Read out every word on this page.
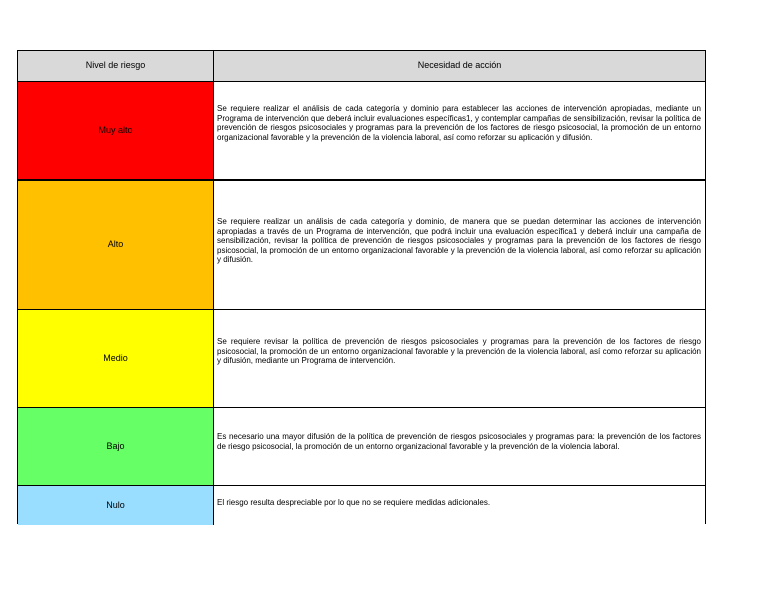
Nivel de riesgo	Necesidad de acción
Muy alto
Se requiere realizar el análisis de cada categoría y dominio para establecer las acciones de intervención apropiadas, mediante un Programa de intervención que deberá incluir evaluaciones específicas1, y contemplar campañas de sensibilización, revisar la política de prevención de riesgos psicosociales y programas para la prevención de los factores de riesgo psicosocial, la promoción de un entorno organizacional favorable y la prevención de la violencia laboral, así como reforzar su aplicación y difusión.
Alto
Se requiere realizar un análisis de cada categoría y dominio, de manera que se puedan determinar las acciones de intervención apropiadas a través de un Programa de intervención, que podrá incluir una evaluación específica1 y deberá incluir una campaña de sensibilización, revisar la política de prevención de riesgos psicosociales y programas para la prevención de los factores de riesgo psicosocial, la promoción de un entorno organizacional favorable y la prevención de la violencia laboral, así como reforzar su aplicación y difusión.
Medio
Se requiere revisar la política de prevención de riesgos psicosociales y programas para la prevención de los factores de riesgo psicosocial, la promoción de un entorno organizacional favorable y la prevención de la violencia laboral, así como reforzar su aplicación y difusión, mediante un Programa de intervención.
Bajo
Es necesario una mayor difusión de la política de prevención de riesgos psicosociales y programas para: la prevención de los factores de riesgo psicosocial, la promoción de un entorno organizacional favorable y la prevención de la violencia laboral.
Nulo	El riesgo resulta despreciable por lo que no se requiere medidas adicionales.
